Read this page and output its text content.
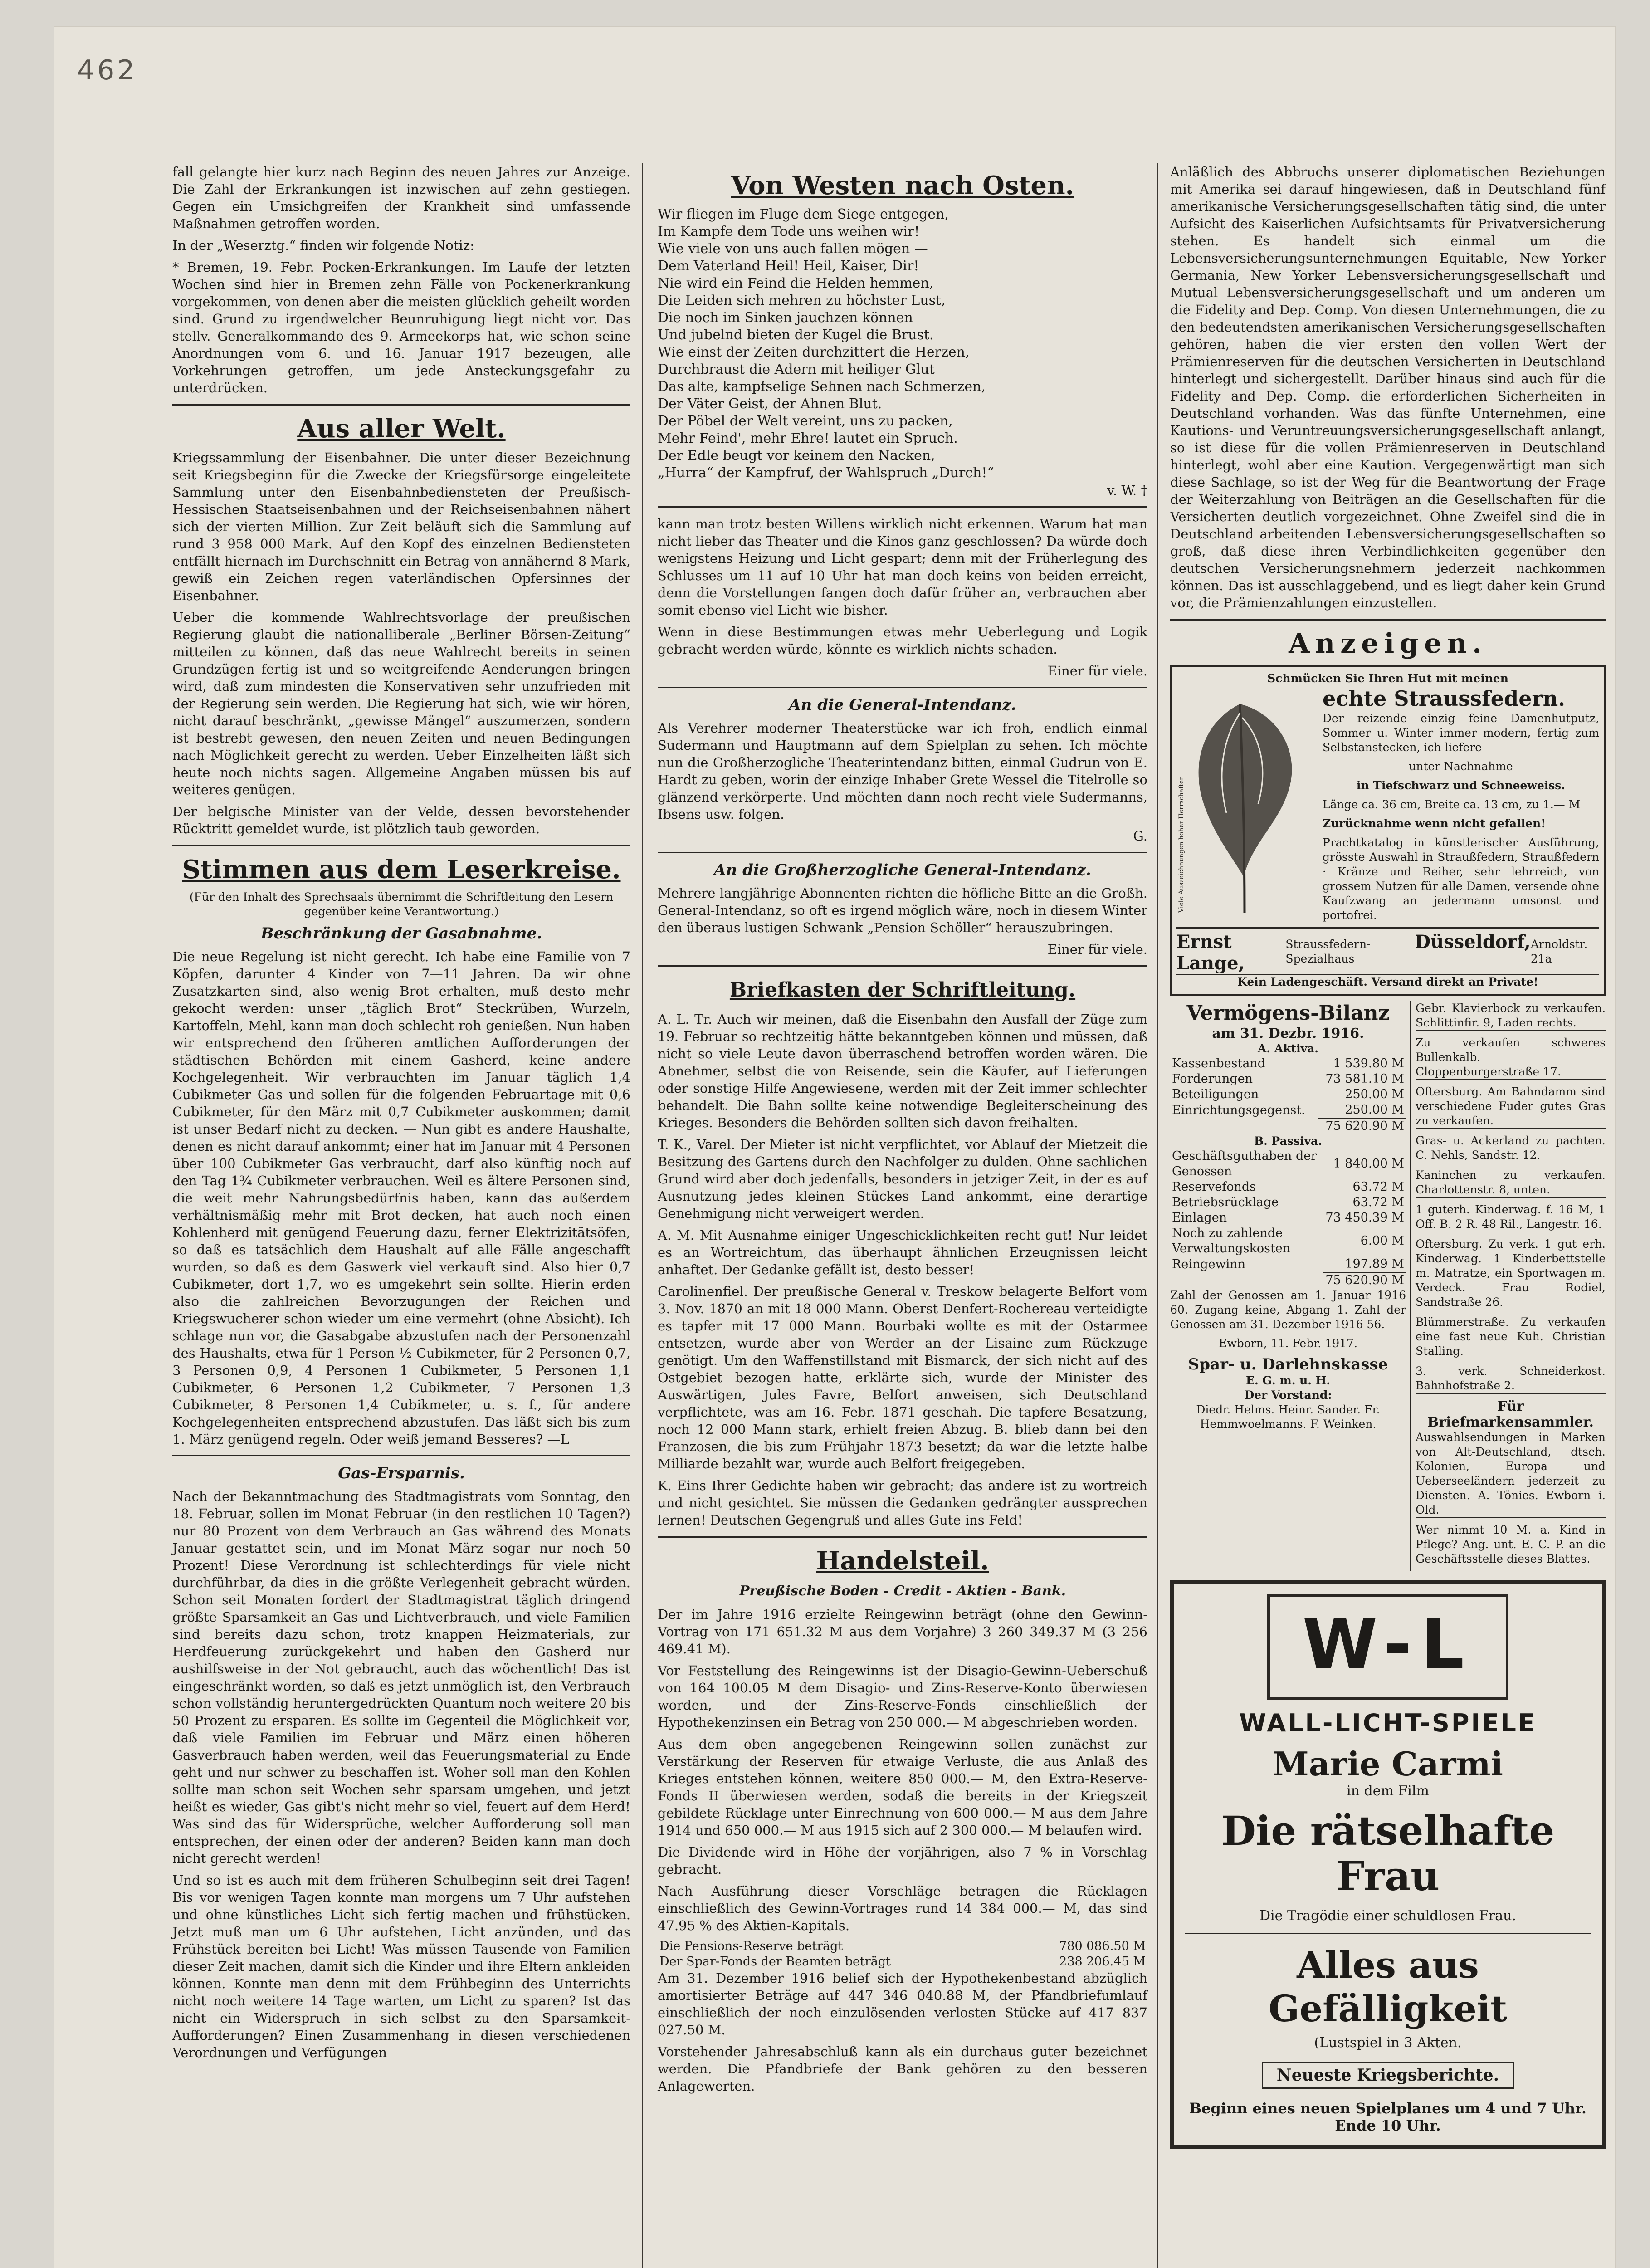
462

fall gelangte hier kurz nach Beginn des neuen Jahres zur Anzeige. Die Zahl der Erkrankungen ist inzwischen auf zehn gestiegen. Gegen ein Umsichgreifen der Krankheit sind umfassende Maßnahmen getroffen worden.

In der „Weserztg.“ finden wir folgende Notiz:

* Bremen, 19. Febr. Pocken-Erkrankungen. Im Laufe der letzten Wochen sind hier in Bremen zehn Fälle von Pockenerkrankung vorgekommen, von denen aber die meisten glücklich geheilt worden sind. Grund zu irgendwelcher Beunruhigung liegt nicht vor. Das stellv. Generalkommando des 9. Armeekorps hat, wie schon seine Anordnungen vom 6. und 16. Januar 1917 bezeugen, alle Vorkehrungen getroffen, um jede Ansteckungsgefahr zu unterdrücken.

Aus aller Welt.

Kriegssammlung der Eisenbahner. Die unter dieser Bezeichnung seit Kriegsbeginn für die Zwecke der Kriegsfürsorge eingeleitete Sammlung unter den Eisenbahnbediensteten der Preußisch-Hessischen Staatseisenbahnen und der Reichseisenbahnen nähert sich der vierten Million. Zur Zeit beläuft sich die Sammlung auf rund 3 958 000 Mark. Auf den Kopf des einzelnen Bediensteten entfällt hiernach im Durchschnitt ein Betrag von annähernd 8 Mark, gewiß ein Zeichen regen vaterländischen Opfersinnes der Eisenbahner.

Ueber die kommende Wahlrechtsvorlage der preußischen Regierung glaubt die nationalliberale „Berliner Börsen-Zeitung“ mitteilen zu können, daß das neue Wahlrecht bereits in seinen Grundzügen fertig ist und so weitgreifende Aenderungen bringen wird, daß zum mindesten die Konservativen sehr unzufrieden mit der Regierung sein werden. Die Regierung hat sich, wie wir hören, nicht darauf beschränkt, „gewisse Mängel“ auszumerzen, sondern ist bestrebt gewesen, den neuen Zeiten und neuen Bedingungen nach Möglichkeit gerecht zu werden. Ueber Einzelheiten läßt sich heute noch nichts sagen. Allgemeine Angaben müssen bis auf weiteres genügen.

Der belgische Minister van der Velde, dessen bevorstehender Rücktritt gemeldet wurde, ist plötzlich taub geworden.

Stimmen aus dem Leserkreise.

(Für den Inhalt des Sprechsaals übernimmt die Schriftleitung den Lesern gegenüber keine Verantwortung.)

Beschränkung der Gasabnahme.

Die neue Regelung ist nicht gerecht. Ich habe eine Familie von 7 Köpfen, darunter 4 Kinder von 7—11 Jahren. Da wir ohne Zusatzkarten sind, also wenig Brot erhalten, muß desto mehr gekocht werden: unser „täglich Brot“ Steckrüben, Wurzeln, Kartoffeln, Mehl, kann man doch schlecht roh genießen. Nun haben wir entsprechend den früheren amtlichen Aufforderungen der städtischen Behörden mit einem Gasherd, keine andere Kochgelegenheit. Wir verbrauchten im Januar täglich 1,4 Cubikmeter Gas und sollen für die folgenden Februartage mit 0,6 Cubikmeter, für den März mit 0,7 Cubikmeter auskommen; damit ist unser Bedarf nicht zu decken. — Nun gibt es andere Haushalte, denen es nicht darauf ankommt; einer hat im Januar mit 4 Personen über 100 Cubikmeter Gas verbraucht, darf also künftig noch auf den Tag 1¾ Cubikmeter verbrauchen. Weil es ältere Personen sind, die weit mehr Nahrungsbedürfnis haben, kann das außerdem verhältnismäßig mehr mit Brot decken, hat auch noch einen Kohlenherd mit genügend Feuerung dazu, ferner Elektrizitätsöfen, so daß es tatsächlich dem Haushalt auf alle Fälle angeschafft wurden, so daß es dem Gaswerk viel verkauft sind. Also hier 0,7 Cubikmeter, dort 1,7, wo es umgekehrt sein sollte. Hierin erden also die zahlreichen Bevorzugungen der Reichen und Kriegswucherer schon wieder um eine vermehrt (ohne Absicht). Ich schlage nun vor, die Gasabgabe abzustufen nach der Personenzahl des Haushalts, etwa für 1 Person ½ Cubikmeter, für 2 Personen 0,7, 3 Personen 0,9, 4 Personen 1 Cubikmeter, 5 Personen 1,1 Cubikmeter, 6 Personen 1,2 Cubikmeter, 7 Personen 1,3 Cubikmeter, 8 Personen 1,4 Cubikmeter, u. s. f., für andere Kochgelegenheiten entsprechend abzustufen. Das läßt sich bis zum 1. März genügend regeln. Oder weiß jemand Besseres? —L

Gas-Ersparnis.

Nach der Bekanntmachung des Stadtmagistrats vom Sonntag, den 18. Februar, sollen im Monat Februar (in den restlichen 10 Tagen?) nur 80 Prozent von dem Verbrauch an Gas während des Monats Januar gestattet sein, und im Monat März sogar nur noch 50 Prozent! Diese Verordnung ist schlechterdings für viele nicht durchführbar, da dies in die größte Verlegenheit gebracht würden. Schon seit Monaten fordert der Stadtmagistrat täglich dringend größte Sparsamkeit an Gas und Lichtverbrauch, und viele Familien sind bereits dazu schon, trotz knappen Heizmaterials, zur Herdfeuerung zurückgekehrt und haben den Gasherd nur aushilfsweise in der Not gebraucht, auch das wöchentlich! Das ist eingeschränkt worden, so daß es jetzt unmöglich ist, den Verbrauch schon vollständig heruntergedrückten Quantum noch weitere 20 bis 50 Prozent zu ersparen. Es sollte im Gegenteil die Möglichkeit vor, daß viele Familien im Februar und März einen höheren Gasverbrauch haben werden, weil das Feuerungsmaterial zu Ende geht und nur schwer zu beschaffen ist. Woher soll man den Kohlen sollte man schon seit Wochen sehr sparsam umgehen, und jetzt heißt es wieder, Gas gibt's nicht mehr so viel, feuert auf dem Herd! Was sind das für Widersprüche, welcher Aufforderung soll man entsprechen, der einen oder der anderen? Beiden kann man doch nicht gerecht werden!

Und so ist es auch mit dem früheren Schulbeginn seit drei Tagen! Bis vor wenigen Tagen konnte man morgens um 7 Uhr aufstehen und ohne künstliches Licht sich fertig machen und frühstücken. Jetzt muß man um 6 Uhr aufstehen, Licht anzünden, und das Frühstück bereiten bei Licht! Was müssen Tausende von Familien dieser Zeit machen, damit sich die Kinder und ihre Eltern ankleiden können. Konnte man denn mit dem Frühbeginn des Unterrichts nicht noch weitere 14 Tage warten, um Licht zu sparen? Ist das nicht ein Widerspruch in sich selbst zu den Sparsamkeit-Aufforderungen? Einen Zusammenhang in diesen verschiedenen Verordnungen und Verfügungen

Von Westen nach Osten.

Wir fliegen im Fluge dem Siege entgegen,

Im Kampfe dem Tode uns weihen wir!

Wie viele von uns auch fallen mögen —

Dem Vaterland Heil! Heil, Kaiser, Dir!

Nie wird ein Feind die Helden hemmen,

Die Leiden sich mehren zu höchster Lust,

Die noch im Sinken jauchzen können

Und jubelnd bieten der Kugel die Brust.

Wie einst der Zeiten durchzittert die Herzen,

Durchbraust die Adern mit heiliger Glut

Das alte, kampfselige Sehnen nach Schmerzen,

Der Väter Geist, der Ahnen Blut.

Der Pöbel der Welt vereint, uns zu packen,

Mehr Feind', mehr Ehre! lautet ein Spruch.

Der Edle beugt vor keinem den Nacken,

„Hurra“ der Kampfruf, der Wahlspruch „Durch!“

v. W. †

kann man trotz besten Willens wirklich nicht erkennen. Warum hat man nicht lieber das Theater und die Kinos ganz geschlossen? Da würde doch wenigstens Heizung und Licht gespart; denn mit der Früherlegung des Schlusses um 11 auf 10 Uhr hat man doch keins von beiden erreicht, denn die Vorstellungen fangen doch dafür früher an, verbrauchen aber somit ebenso viel Licht wie bisher.

Wenn in diese Bestimmungen etwas mehr Ueberlegung und Logik gebracht werden würde, könnte es wirklich nichts schaden.

Einer für viele.

An die General-Intendanz.

Als Verehrer moderner Theaterstücke war ich froh, endlich einmal Sudermann und Hauptmann auf dem Spielplan zu sehen. Ich möchte nun die Großherzogliche Theaterintendanz bitten, einmal Gudrun von E. Hardt zu geben, worin der einzige Inhaber Grete Wessel die Titelrolle so glänzend verkörperte. Und möchten dann noch recht viele Sudermanns, Ibsens usw. folgen.

G.

An die Großherzogliche General-Intendanz.

Mehrere langjährige Abonnenten richten die höfliche Bitte an die Großh. General-Intendanz, so oft es irgend möglich wäre, noch in diesem Winter den überaus lustigen Schwank „Pension Schöller“ herauszubringen.

Einer für viele.

Briefkasten der Schriftleitung.

A. L. Tr. Auch wir meinen, daß die Eisenbahn den Ausfall der Züge zum 19. Februar so rechtzeitig hätte bekanntgeben können und müssen, daß nicht so viele Leute davon überraschend betroffen worden wären. Die Abnehmer, selbst die von Reisende, sein die Käufer, auf Lieferungen oder sonstige Hilfe Angewiesene, werden mit der Zeit immer schlechter behandelt. Die Bahn sollte keine notwendige Begleiterscheinung des Krieges. Besonders die Behörden sollten sich davon freihalten.

T. K., Varel. Der Mieter ist nicht verpflichtet, vor Ablauf der Mietzeit die Besitzung des Gartens durch den Nachfolger zu dulden. Ohne sachlichen Grund wird aber doch jedenfalls, besonders in jetziger Zeit, in der es auf Ausnutzung jedes kleinen Stückes Land ankommt, eine derartige Genehmigung nicht verweigert werden.

A. M. Mit Ausnahme einiger Ungeschicklichkeiten recht gut! Nur leidet es an Wortreichtum, das überhaupt ähnlichen Erzeugnissen leicht anhaftet. Der Gedanke gefällt ist, desto besser!

Carolinenfiel. Der preußische General v. Treskow belagerte Belfort vom 3. Nov. 1870 an mit 18 000 Mann. Oberst Denfert-Rochereau verteidigte es tapfer mit 17 000 Mann. Bourbaki wollte es mit der Ostarmee entsetzen, wurde aber von Werder an der Lisaine zum Rückzuge genötigt. Um den Waffenstillstand mit Bismarck, der sich nicht auf des Ostgebiet bezogen hatte, erklärte sich, wurde der Minister des Auswärtigen, Jules Favre, Belfort anweisen, sich Deutschland verpflichtete, was am 16. Febr. 1871 geschah. Die tapfere Besatzung, noch 12 000 Mann stark, erhielt freien Abzug. B. blieb dann bei den Franzosen, die bis zum Frühjahr 1873 besetzt; da war die letzte halbe Milliarde bezahlt war, wurde auch Belfort freigegeben.

K. Eins Ihrer Gedichte haben wir gebracht; das andere ist zu wortreich und nicht gesichtet. Sie müssen die Gedanken gedrängter aussprechen lernen! Deutschen Gegengruß und alles Gute ins Feld!

Handelsteil.
Preußische Boden - Credit - Aktien - Bank.

Der im Jahre 1916 erzielte Reingewinn beträgt (ohne den Gewinn-Vortrag von 171 651.32 M aus dem Vorjahre) 3 260 349.37 M (3 256 469.41 M).

Vor Feststellung des Reingewinns ist der Disagio-Gewinn-Ueberschuß von 164 100.05 M dem Disagio- und Zins-Reserve-Konto überwiesen worden, und der Zins-Reserve-Fonds einschließlich der Hypothekenzinsen ein Betrag von 250 000.— M abgeschrieben worden.

Aus dem oben angegebenen Reingewinn sollen zunächst zur Verstärkung der Reserven für etwaige Verluste, die aus Anlaß des Krieges entstehen können, weitere 850 000.— M, den Extra-Reserve-Fonds II überwiesen werden, sodaß die bereits in der Kriegszeit gebildete Rücklage unter Einrechnung von 600 000.— M aus dem Jahre 1914 und 650 000.— M aus 1915 sich auf 2 300 000.— M belaufen wird.

Die Dividende wird in Höhe der vorjährigen, also 7 % in Vorschlag gebracht.

Nach Ausführung dieser Vorschläge betragen die Rücklagen einschließlich des Gewinn-Vortrages rund 14 384 000.— M, das sind 47.95 % des Aktien-Kapitals.

Die Pensions-Reserve beträgt	780 086.50 M
Der Spar-Fonds der Beamten beträgt	238 206.45 M

Am 31. Dezember 1916 belief sich der Hypothekenbestand abzüglich amortisierter Beträge auf 447 346 040.88 M, der Pfandbriefumlauf einschließlich der noch einzulösenden verlosten Stücke auf 417 837 027.50 M.

Vorstehender Jahresabschluß kann als ein durchaus guter bezeichnet werden. Die Pfandbriefe der Bank gehören zu den besseren Anlagewerten.

Anläßlich des Abbruchs unserer diplomatischen Beziehungen mit Amerika sei darauf hingewiesen, daß in Deutschland fünf amerikanische Versicherungsgesellschaften tätig sind, die unter Aufsicht des Kaiserlichen Aufsichtsamts für Privatversicherung stehen. Es handelt sich einmal um die Lebensversicherungsunternehmungen Equitable, New Yorker Germania, New Yorker Lebensversicherungsgesellschaft und Mutual Lebensversicherungsgesellschaft und um anderen um die Fidelity and Dep. Comp. Von diesen Unternehmungen, die zu den bedeutendsten amerikanischen Versicherungsgesellschaften gehören, haben die vier ersten den vollen Wert der Prämienreserven für die deutschen Versicherten in Deutschland hinterlegt und sichergestellt. Darüber hinaus sind auch für die Fidelity and Dep. Comp. die erforderlichen Sicherheiten in Deutschland vorhanden. Was das fünfte Unternehmen, eine Kautions- und Veruntreuungsversicherungsgesellschaft anlangt, so ist diese für die vollen Prämienreserven in Deutschland hinterlegt, wohl aber eine Kaution. Vergegenwärtigt man sich diese Sachlage, so ist der Weg für die Beantwortung der Frage der Weiterzahlung von Beiträgen an die Gesellschaften für die Versicherten deutlich vorgezeichnet. Ohne Zweifel sind die in Deutschland arbeitenden Lebensversicherungsgesellschaften so groß, daß diese ihren Verbindlichkeiten gegenüber den deutschen Versicherungsnehmern jederzeit nachkommen können. Das ist ausschlaggebend, und es liegt daher kein Grund vor, die Prämienzahlungen einzustellen.

Anzeigen.
Schmücken Sie Ihren Hut mit meinen
Viele Auszeichnungen hoher Herrschaften
echte Straussfedern.

Der reizende einzig feine Damenhutputz, Sommer u. Winter immer modern, fertig zum Selbstanstecken, ich liefere

unter Nachnahme

in Tiefschwarz und Schneeweiss.

Länge ca. 36 cm, Breite ca. 13 cm, zu 1.— M

Zurücknahme wenn nicht gefallen!

Prachtkatalog in künstlerischer Ausführung, grösste Auswahl in Straußfedern, Straußfedern · Kränze und Reiher, sehr lehrreich, von grossem Nutzen für alle Damen, versende ohne Kaufzwang an jedermann umsonst und portofrei.

Ernst Lange,
Straussfedern-Spezialhaus
Düsseldorf, Arnoldstr. 21a
Kein Ladengeschäft. Versand direkt an Private!
Vermögens-Bilanz
am 31. Dezbr. 1916.
A. Aktiva.
Kassenbestand	1 539.80 M
Forderungen	73 581.10 M
Beteiligungen	250.00 M
Einrichtungsgegenst.	250.00 M
	75 620.90 M
B. Passiva.
Geschäftsguthaben der Genossen	1 840.00 M
Reservefonds	63.72 M
Betriebsrücklage	63.72 M
Einlagen	73 450.39 M
Noch zu zahlende Verwaltungskosten	6.00 M
Reingewinn	197.89 M
	75 620.90 M

Zahl der Genossen am 1. Januar 1916 60. Zugang keine, Abgang 1. Zahl der Genossen am 31. Dezember 1916 56.

Ewborn, 11. Febr. 1917.

Spar- u. Darlehnskasse
E. G. m. u. H.
Der Vorstand:

Diedr. Helms. Heinr. Sander. Fr. Hemmwoelmanns. F. Weinken.

Gebr. Klavierbock zu verkaufen. Schlittinfir. 9, Laden rechts.

Zu verkaufen schweres Bullenkalb. Cloppenburgerstraße 17.

Oftersburg. Am Bahndamm sind verschiedene Fuder gutes Gras zu verkaufen.

Gras- u. Ackerland zu pachten. C. Nehls, Sandstr. 12.

Kaninchen zu verkaufen. Charlottenstr. 8, unten.

1 guterh. Kinderwag. f. 16 M, 1 Off. B. 2 R. 48 Ril., Langestr. 16.

Oftersburg. Zu verk. 1 gut erh. Kinderwag. 1 Kinderbettstelle m. Matratze, ein Sportwagen m. Verdeck. Frau Rodiel, Sandstraße 26.

Blümmerstraße. Zu verkaufen eine fast neue Kuh. Christian Stalling.

3. verk. Schneiderkost. Bahnhofstraße 2.

Für Briefmarkensammler.

Auswahlsendungen in Marken von Alt-Deutschland, dtsch. Kolonien, Europa und Ueberseeländern jederzeit zu Diensten. A. Tönies. Ewborn i. Old.

Wer nimmt 10 M. a. Kind in Pflege? Ang. unt. E. C. P. an die Geschäftsstelle dieses Blattes.

W-L
WALL-LICHT-SPIELE
Marie Carmi
in dem Film
Die rätselhafte Frau
Die Tragödie einer schuldlosen Frau.
Alles aus Gefälligkeit
(Lustspiel in 3 Akten.
Neueste Kriegsberichte.
Beginn eines neuen Spielplanes um 4 und 7 Uhr. Ende 10 Uhr.
